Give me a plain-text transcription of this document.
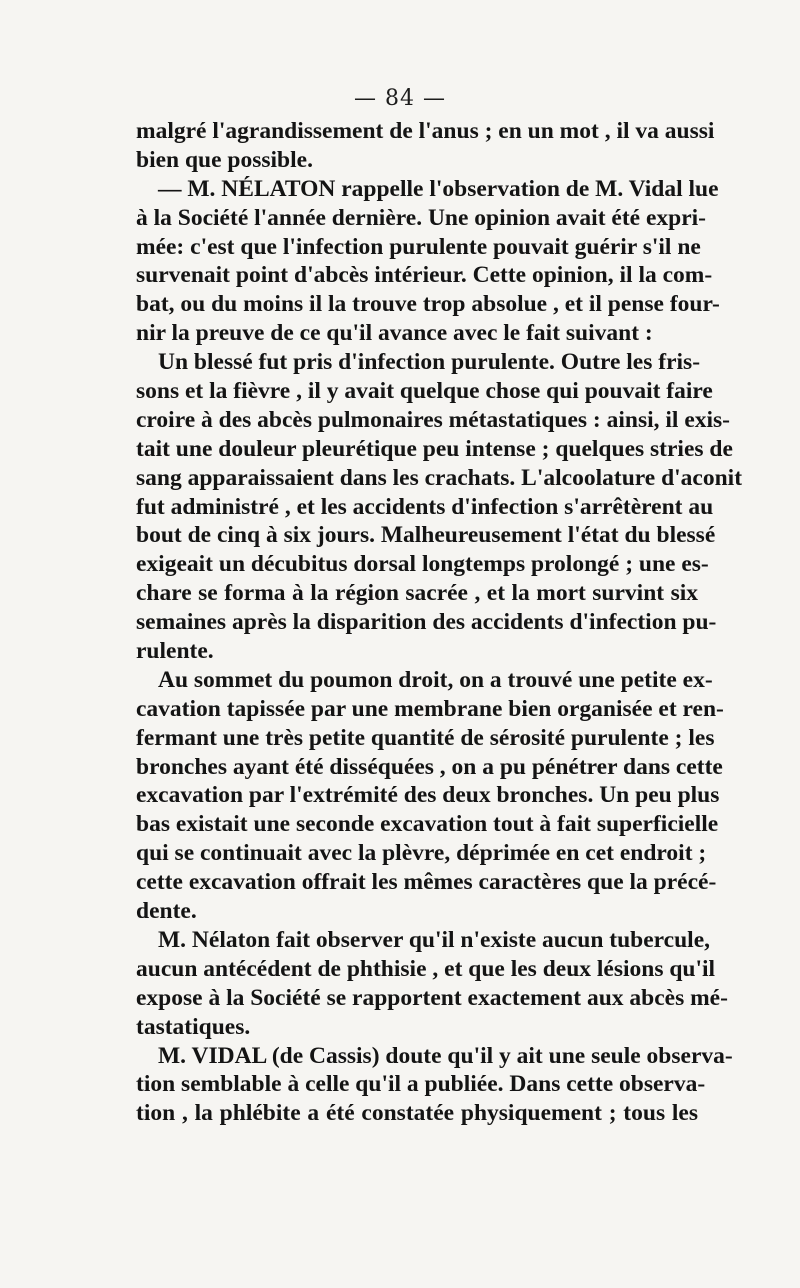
— 84 —
malgré l'agrandissement de l'anus ; en un mot , il va aussi
bien que possible.
— M. NÉLATON rappelle l'observation de M. Vidal lue
à la Société l'année dernière. Une opinion avait été expri-
mée: c'est que l'infection purulente pouvait guérir s'il ne
survenait point d'abcès intérieur. Cette opinion, il la com-
bat, ou du moins il la trouve trop absolue , et il pense four-
nir la preuve de ce qu'il avance avec le fait suivant :
Un blessé fut pris d'infection purulente. Outre les fris-
sons et la fièvre , il y avait quelque chose qui pouvait faire
croire à des abcès pulmonaires métastatiques : ainsi, il exis-
tait une douleur pleurétique peu intense ; quelques stries de
sang apparaissaient dans les crachats. L'alcoolature d'aconit
fut administré , et les accidents d'infection s'arrêtèrent au
bout de cinq à six jours. Malheureusement l'état du blessé
exigeait un décubitus dorsal longtemps prolongé ; une es-
chare se forma à la région sacrée , et la mort survint six
semaines après la disparition des accidents d'infection pu-
rulente.
Au sommet du poumon droit, on a trouvé une petite ex-
cavation tapissée par une membrane bien organisée et ren-
fermant une très petite quantité de sérosité purulente ; les
bronches ayant été disséquées , on a pu pénétrer dans cette
excavation par l'extrémité des deux bronches. Un peu plus
bas existait une seconde excavation tout à fait superficielle
qui se continuait avec la plèvre, déprimée en cet endroit ;
cette excavation offrait les mêmes caractères que la précé-
dente.
M. Nélaton fait observer qu'il n'existe aucun tubercule,
aucun antécédent de phthisie , et que les deux lésions qu'il
expose à la Société se rapportent exactement aux abcès mé-
tastatiques.
M. VIDAL (de Cassis) doute qu'il y ait une seule observa-
tion semblable à celle qu'il a publiée. Dans cette observa-
tion , la phlébite a été constatée physiquement ; tous les
